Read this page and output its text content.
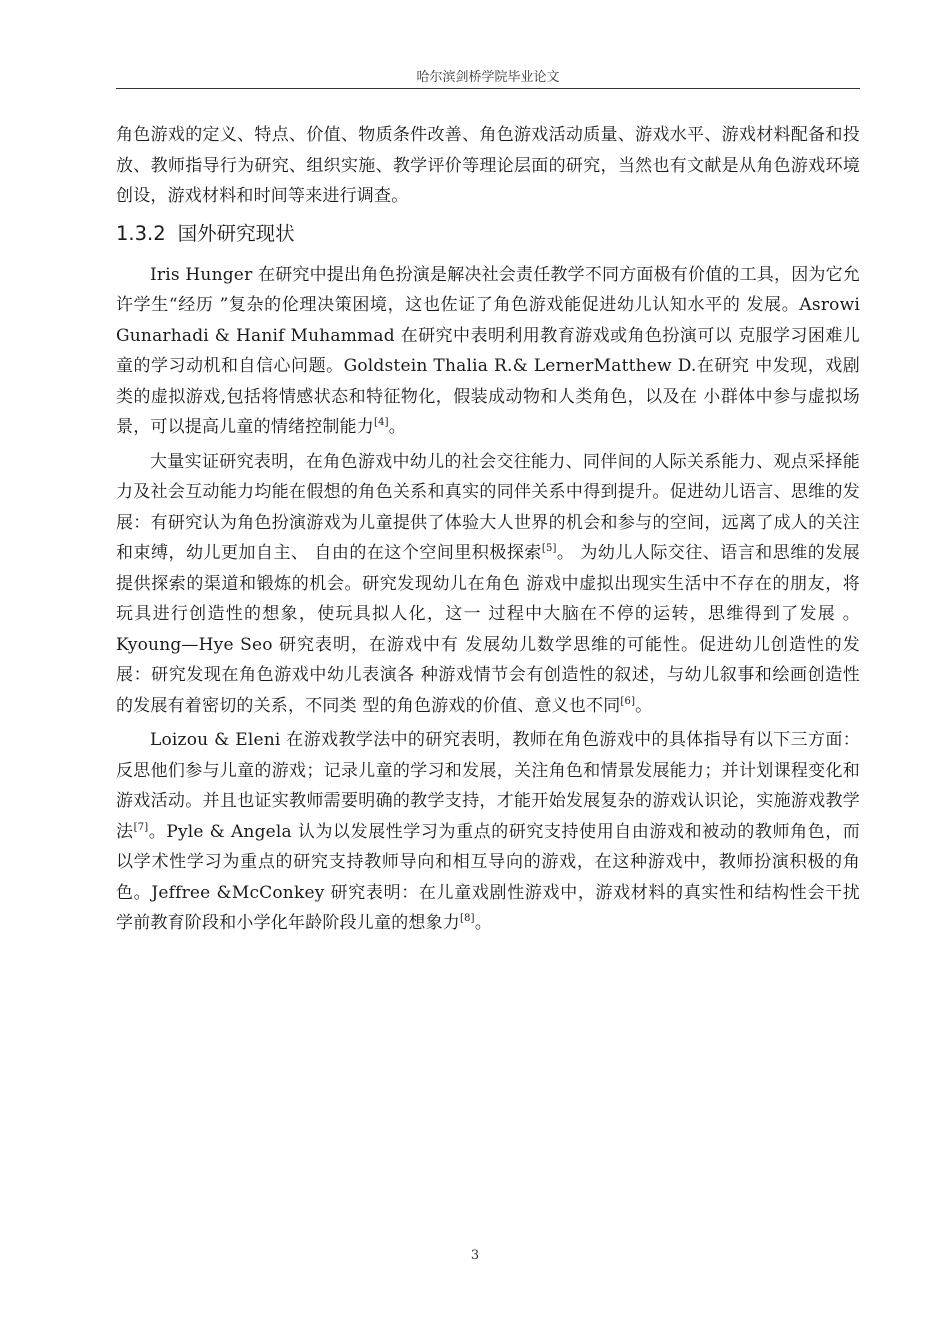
哈尔滨剑桥学院毕业论文

角色游戏的定义、特点、价值、物质条件改善、角色游戏活动质量、游戏水平、游戏材料配备和投放、教师指导行为研究、组织实施、教学评价等理论层面的研究，当然也有文献是从角色游戏环境创设，游戏材料和时间等来进行调查。

1.3.2 国外研究现状

Iris Hunger 在研究中提出角色扮演是解决社会责任教学不同方面极有价值的工具，因为它允许学生“经历 ”复杂的伦理决策困境，这也佐证了角色游戏能促进幼儿认知水平的 发展。Asrowi Gunarhadi & Hanif Muhammad 在研究中表明利用教育游戏或角色扮演可以 克服学习困难儿童的学习动机和自信心问题。Goldstein Thalia R.& LernerMatthew D.在研究 中发现，戏剧类的虚拟游戏,包括将情感状态和特征物化，假装成动物和人类角色，以及在 小群体中参与虚拟场景，可以提高儿童的情绪控制能力[4]。

大量实证研究表明，在角色游戏中幼儿的社会交往能力、同伴间的人际关系能力、观点采择能力及社会互动能力均能在假想的角色关系和真实的同伴关系中得到提升。促进幼儿语言、思维的发展：有研究认为角色扮演游戏为儿童提供了体验大人世界的机会和参与的空间，远离了成人的关注和束缚，幼儿更加自主、 自由的在这个空间里积极探索[5]。 为幼儿人际交往、语言和思维的发展提供探索的渠道和锻炼的机会。研究发现幼儿在角色 游戏中虚拟出现实生活中不存在的朋友，将玩具进行创造性的想象，使玩具拟人化，这一 过程中大脑在不停的运转，思维得到了发展 。Kyoung—Hye Seo 研究表明，在游戏中有 发展幼儿数学思维的可能性。促进幼儿创造性的发展：研究发现在角色游戏中幼儿表演各 种游戏情节会有创造性的叙述，与幼儿叙事和绘画创造性的发展有着密切的关系，不同类 型的角色游戏的价值、意义也不同[6]。

Loizou & Eleni 在游戏教学法中的研究表明，教师在角色游戏中的具体指导有以下三方面：反思他们参与儿童的游戏；记录儿童的学习和发展，关注角色和情景发展能力；并计划课程变化和游戏活动。并且也证实教师需要明确的教学支持，才能开始发展复杂的游戏认识论，实施游戏教学法[7]。Pyle & Angela 认为以发展性学习为重点的研究支持使用自由游戏和被动的教师角色，而以学术性学习为重点的研究支持教师导向和相互导向的游戏，在这种游戏中，教师扮演积极的角色。Jeffree &McConkey 研究表明：在儿童戏剧性游戏中，游戏材料的真实性和结构性会干扰学前教育阶段和小学化年龄阶段儿童的想象力[8]。

3
